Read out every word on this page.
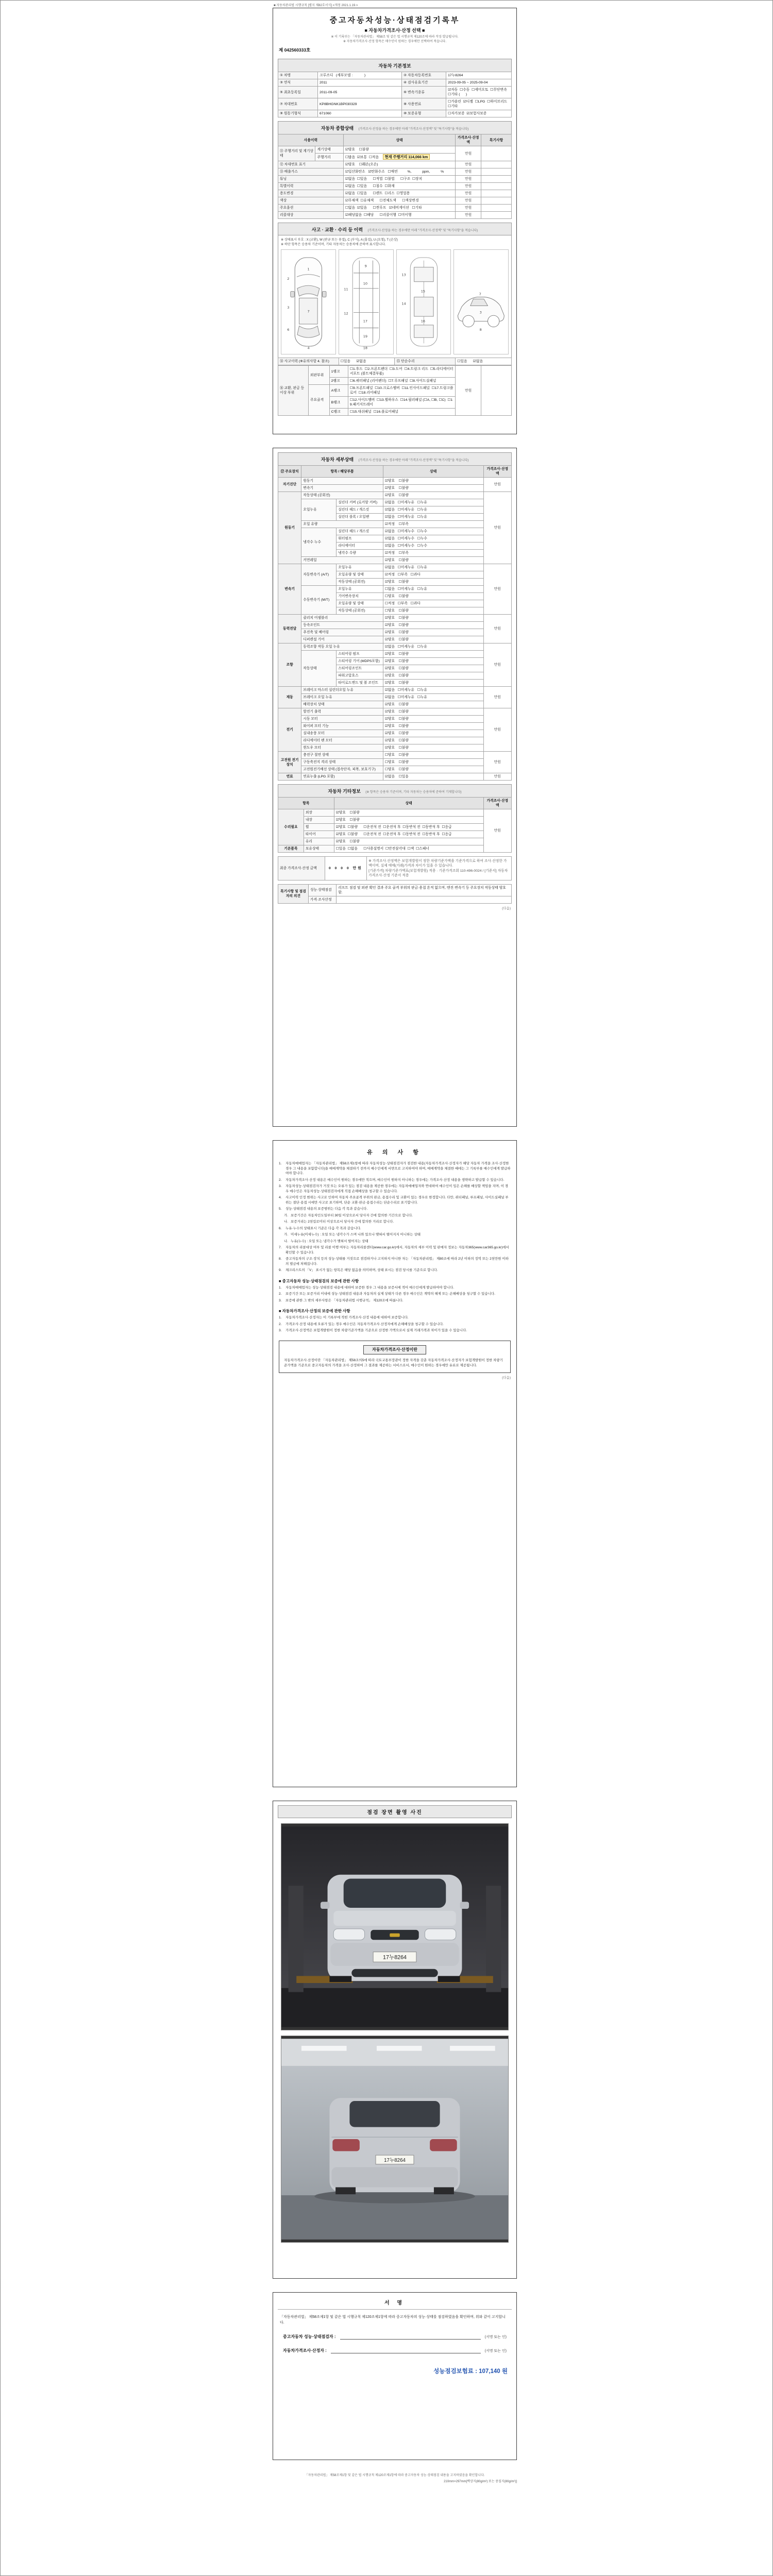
■ 자동차관리법 시행규칙 [별지 제82호서식] <개정 2021.1.19.>
중고자동차성능·상태점검기록부
■ 자동차가격조사·산정 선택 ■
※ 이 기록부는 「자동차관리법」 제58조 및 같은 법 시행규칙 제120조에 따라 작성·발급됩니다.
※ 자동차가격조사·산정 항목은 매수인이 원하는 경우에만 선택하여 적습니다.
제 042560333호
자동차 기본정보
① 차명	크루즈디   (세부모델 :            )	② 자동차등록번호	17누8264
③ 연식	2011	④ 검사유효기간	2023-09-05 ~ 2025-09-04
⑤ 최초등록일	2011-09-05	⑥ 변속기종류	☑자동  ☐수동  ☐세미오토  ☐무단변속  ☐기타 (      )
⑦ 차대번호	KP8BHGNK1BP030329	⑧ 사용연료	☐가솔린  ☑디젤  ☐LPG  ☐하이브리드  ☐기타
⑨ 원동기형식	671060	⑩ 보증유형	☐자가보증  ☑보험사보증
자동차 종합상태 (가격조사·산정을 하는 경우에만 아래 "가격조사·산정액" 및 "특기사항"을 적습니다)
사용이력		상태	가격조사·산정액	특기사항
⑪ 주행거리 및 계기상태	계기상태	☑양호    ☐불량	만원	
	주행거리	☐많음  ☑보통  ☐적음    현재 주행거리 114,066 km		
⑫ 차대번호 표기		☑양호    ☐훼손(오손)	만원	
⑬ 배출가스		☑일산화탄소   ☑탄화수소   ☐매연          %,           ppm,           %	만원	
튜닝		☑없음  ☐있음      ☐적법  ☐불법      ☐구조  ☐장치	만원	
특별이력		☑없음  ☐있음      ☐침수  ☐화재	만원	
용도변경		☑없음  ☐있음      ☐렌트  ☐리스  ☐영업용	만원	
색상		☑무채색  ☐유채색      ☐전체도색      ☐색상변경	만원	
주요옵션		☐없음  ☑있음      ☐썬루프   ☑네비게이션   ☐기타	만원	
리콜대상		☑해당없음  ☐해당      ☐리콜이행  ☐미이행	만원	
사고 · 교환 · 수리 등 이력 (가격조사·산정을 하는 경우에만 아래 "가격조사·산정액" 및 "특기사항"을 적습니다)
※ 상태표시 부호 : X (교환), W (판금 또는 용접), C (부식), A (흠집), U (요철), T (손상)
※ 하단 항목은 승용차 기준이며, 기타 자동차는 승용차에 준하여 표시합니다.
1
2
3
7
6
4
9
10
11
12
17
19
18
13
14
15
16
7
3
8
⑭ 사고이력 (※유의사항 4. 참조)	☐있음      ☑없음	⑮ 단순수리	☐있음      ☑없음
⑯ 교환, 판금 등 이상 부위	외판부위	1랭크	☐1.후드  ☐2.프론트펜더  ☐3.도어  ☐4.트렁크 리드  ☐5.라디에이터 서포트 (볼트체결부품)	만원	
		2랭크	☐6.쿼터패널 (리어펜더)  ☐7.루프패널  ☐8.사이드실패널		
	주요골격	A랭크	☐9.프론트패널  ☐10.크로스멤버  ☐11.인사이드패널  ☐17.트렁크플로어  ☐18.리어패널		
		B랭크	☐12.사이드멤버  ☐13.휠하우스  ☐14.필러패널 (☐A, ☐B, ☐C)  ☐19.패키지트레이		
		C랭크	☐15.대쉬패널  ☐16.플로어패널		
자동차 세부상태 (가격조사·산정을 하는 경우에만 아래 "가격조사·산정액" 및 "특기사항"을 적습니다)
⑰ 주요장치	항목 / 해당부품		상태	가격조사·산정액
자기진단	원동기		☑양호    ☐불량	만원
	변속기		☑양호    ☐불량	
원동기	작동상태 (공회전)		☑양호    ☐불량	만원
	오일누유	실린더 커버 (로커암 커버)	☑없음   ☐미세누유   ☐누유	
		실린더 헤드 / 개스킷	☑없음   ☐미세누유   ☐누유	
		실린더 블록 / 오일팬	☑없음   ☐미세누유   ☐누유	
	오일 유량		☑적정    ☐부족	
	냉각수 누수	실린더 헤드 / 개스킷	☑없음   ☐미세누수   ☐누수	
		워터펌프	☑없음   ☐미세누수   ☐누수	
		라디에이터	☑없음   ☐미세누수   ☐누수	
		냉각수 수량	☑적정    ☐부족	
	커먼레일		☑양호    ☐불량	
변속기	자동변속기 (A/T)	오일누유	☑없음   ☐미세누유   ☐누유	만원
		오일유량 및 상태	☑적정   ☐부족   ☐과다	
		작동상태 (공회전)	☑양호    ☐불량	
	수동변속기 (M/T)	오일누유	☐없음   ☐미세누유   ☐누유	
		기어변속장치	☐양호    ☐불량	
		오일유량 및 상태	☐적정   ☐부족   ☐과다	
		작동상태 (공회전)	☐양호    ☐불량	
동력전달	클러치 어셈블리		☑양호    ☐불량	만원
	등속조인트		☑양호    ☐불량	
	추진축 및 베어링		☑양호    ☐불량	
	디퍼렌셜 기어		☑양호    ☐불량	
조향	동력조향 작동 오일 누유		☑없음   ☐미세누유   ☐누유	만원
	작동상태	스티어링 펌프	☑양호    ☐불량	
		스티어링 기어 (MDPS포함)	☑양호    ☐불량	
		스티어링조인트	☑양호    ☐불량	
		파워고압호스	☑양호    ☐불량	
		타이로드엔드 및 볼 조인트	☑양호    ☐불량	
제동	브레이크 마스터 실린더오일 누유		☑없음   ☐미세누유   ☐누유	만원
	브레이크 오일 누유		☑없음   ☐미세누유   ☐누유	
	배력장치 상태		☑양호    ☐불량	
전기	발전기 출력		☑양호    ☐불량	만원
	시동 모터		☑양호    ☐불량	
	와이퍼 모터 기능		☑양호    ☐불량	
	실내송풍 모터		☑양호    ☐불량	
	라디에이터 팬 모터		☑양호    ☐불량	
	윈도우 모터		☑양호    ☐불량	
고전원 전기장치	충전구 절연 상태		☐양호    ☐불량	만원
	구동축전지 격리 상태		☐양호    ☐불량	
	고전원전기배선 상태 (접속단자, 피복, 보호기구)		☐양호    ☐불량	
연료	연료누출 (LPG 포함)		☑없음    ☐있음	만원
자동차 기타정보 (※ 항목은 승용차 기준이며, 기타 자동차는 승용차에 준하여 기재합니다)
항목		상태	가격조사·산정액
수리필요	외장	☑양호    ☐불량	만원
	내장	☑양호    ☐불량	
	휠	☑양호  ☐불량      ☐운전석 전  ☐운전석 후  ☐동반석 전  ☐동반석 후  ☐응급	
	타이어	☑양호  ☐불량      ☐운전석 전  ☐운전석 후  ☐동반석 전  ☐동반석 후  ☐응급	
	유리	☑양호    ☐불량	
기본품목	보유상태	☐있음  ☐없음      ☐사용설명서  ☐안전삼각대  ☐잭  ☐스패너	
최종 가격조사·산정 금액	0 0 0 0 만원	
※ 가격조사·산정액은 보험개발원이 정한 차량기준가액을 기준가격으로 하여 조사·산정한 가액이며, 실제 매매(거래)가격과 차이가 있을 수 있습니다.
[기준가격] 차량기준가액표(보험개발원) 적용 · 기준가격조회 110-496-0024 / [기준서] 자동차가격조사·산정 기준서 적용
특기사항 및 점검자의 의견	성능·상태점검	리프트 점검 및 외관 확인 결과 주요 골격 부위의 판금·용접 흔적 없으며, 엔진·변속기 등 주요장치 작동상태 양호함.
	가격·조사산정	
(다음)
유 의 사 항
1.	자동차매매업자는 「자동차관리법」 제58조제1항에 따라 자동차성능·상태점검자가 점검한 내용(자동차가격조사·산정자가 해당 자동차 가격을 조사·산정한 경우 그 내용을 포함합니다)을 매매계약을 체결하기 전까지 매수인에게 서면으로 고지하여야 하며, 매매계약을 체결한 때에는 그 기록부를 매수인에게 발급하여야 합니다.
2.	자동차가격조사·산정 내용은 매수인이 원하는 경우에만 적으며, 매수인이 원하지 아니하는 경우에는 가격조사·산정 내용을 생략하고 발급할 수 있습니다.
3.	자동차성능·상태점검자가 거짓 또는 오류가 있는 점검 내용을 제공한 경우에는 자동차매매업자와 연대하여 매수인이 입은 손해를 배상할 책임을 지며, 이 경우 매수인은 자동차성능·상태점검자에게 직접 손해배상을 청구할 수 있습니다.
4.	사고이력 인정 범위는 사고로 인하여 자동차 주요골격 부위의 판금, 용접수리 및 교환이 있는 경우로 한정합니다. 다만, 쿼터패널, 루프패널, 사이드실패널 부위는 절단·용접 시에만 사고로 표기하며, 단순 교환·판금·용접수리는 단순수리로 표기합니다.
5.	성능·상태점검 내용의 보증범위는 다음 각 목과 같습니다.
가. 보증기간은 자동차인도일부터 30일 이상으로서 당사자 간에 합의한 기간으로 합니다.
나. 보증거리는 2천킬로미터 이상으로서 당사자 간에 합의한 거리로 합니다.
6.	누유·누수의 상태표시 기준은 다음 각 목과 같습니다.
가. 미세누유(미세누수) : 오일 또는 냉각수가 스며 나와 있으나 맺혀서 떨어지지 아니하는 상태
나. 누유(누수) : 오일 또는 냉각수가 맺혀서 떨어지는 상태
7.	자동차의 리콜대상 여부 및 리콜 이행 여부는 자동차리콜센터(www.car.go.kr)에서, 자동차의 세부 이력 및 판매자 정보는 자동차365(www.car365.go.kr)에서 확인할 수 있습니다.
8.	중고자동차의 구조·장치 등의 성능·상태를 거짓으로 점검하거나 고지하지 아니한 자는 「자동차관리법」 제80조에 따라 2년 이하의 징역 또는 2천만원 이하의 벌금에 처해집니다.
9.	체크리스트의 「V」 표시가 없는 항목은 해당 없음을 의미하며, 상태 표시는 점검 당시를 기준으로 합니다.
■ 중고자동차 성능·상태점검의 보증에 관한 사항
1.	자동차매매업자는 성능·상태점검 내용에 대하여 보증한 경우 그 내용을 보증서에 적어 매수인에게 발급하여야 합니다.
2.	보증기간 또는 보증거리 이내에 성능·상태점검 내용과 자동차의 실제 상태가 다른 경우 매수인은 계약의 해제 또는 손해배상을 청구할 수 있습니다.
3.	보증에 관한 그 밖의 세부사항은 「자동차관리법 시행규칙」 제120조에 따릅니다.
■ 자동차가격조사·산정의 보증에 관한 사항
1.	자동차가격조사·산정자는 이 기록부에 적힌 가격조사·산정 내용에 대하여 보증합니다.
2.	가격조사·산정 내용에 오류가 있는 경우 매수인은 자동차가격조사·산정자에게 손해배상을 청구할 수 있습니다.
3.	가격조사·산정액은 보험개발원이 정한 차량기준가액을 기준으로 산정한 가액으로서 실제 거래가격과 차이가 있을 수 있습니다.
자동차가격조사·산정이란
자동차가격조사·산정이란 「자동차관리법」 제58조의5에 따라 국토교통부장관이 정한 자격을 갖춘 자동차가격조사·산정자가 보험개발원이 정한 차량기준가액을 기준으로 중고자동차의 가격을 조사·산정하여 그 결과를 제공하는 서비스로서, 매수인이 원하는 경우에만 유료로 제공됩니다.
(다음)
점검 장면 촬영 사진
17누8264
17누8264
서 명
「자동차관리법」 제58조제1항 및 같은 법 시행규칙 제120조제1항에 따라 중고자동차의 성능·상태를 점검하였음을 확인하며, 위와 같이 고지합니다.
중고자동차 성능·상태점검자 :	(서명 또는 인)
자동차가격조사·산정자 :	(서명 또는 인)
성능점검보험료 : 107,140 원
「자동차관리법」 제58조제1항 및 같은 법 시행규칙 제120조제1항에 따라 중고자동차 성능·상태점검 내용을 고지하였음을 확인합니다.
210mm×297mm[백상지(80g/m²) 또는 중질지(80g/m²)]
